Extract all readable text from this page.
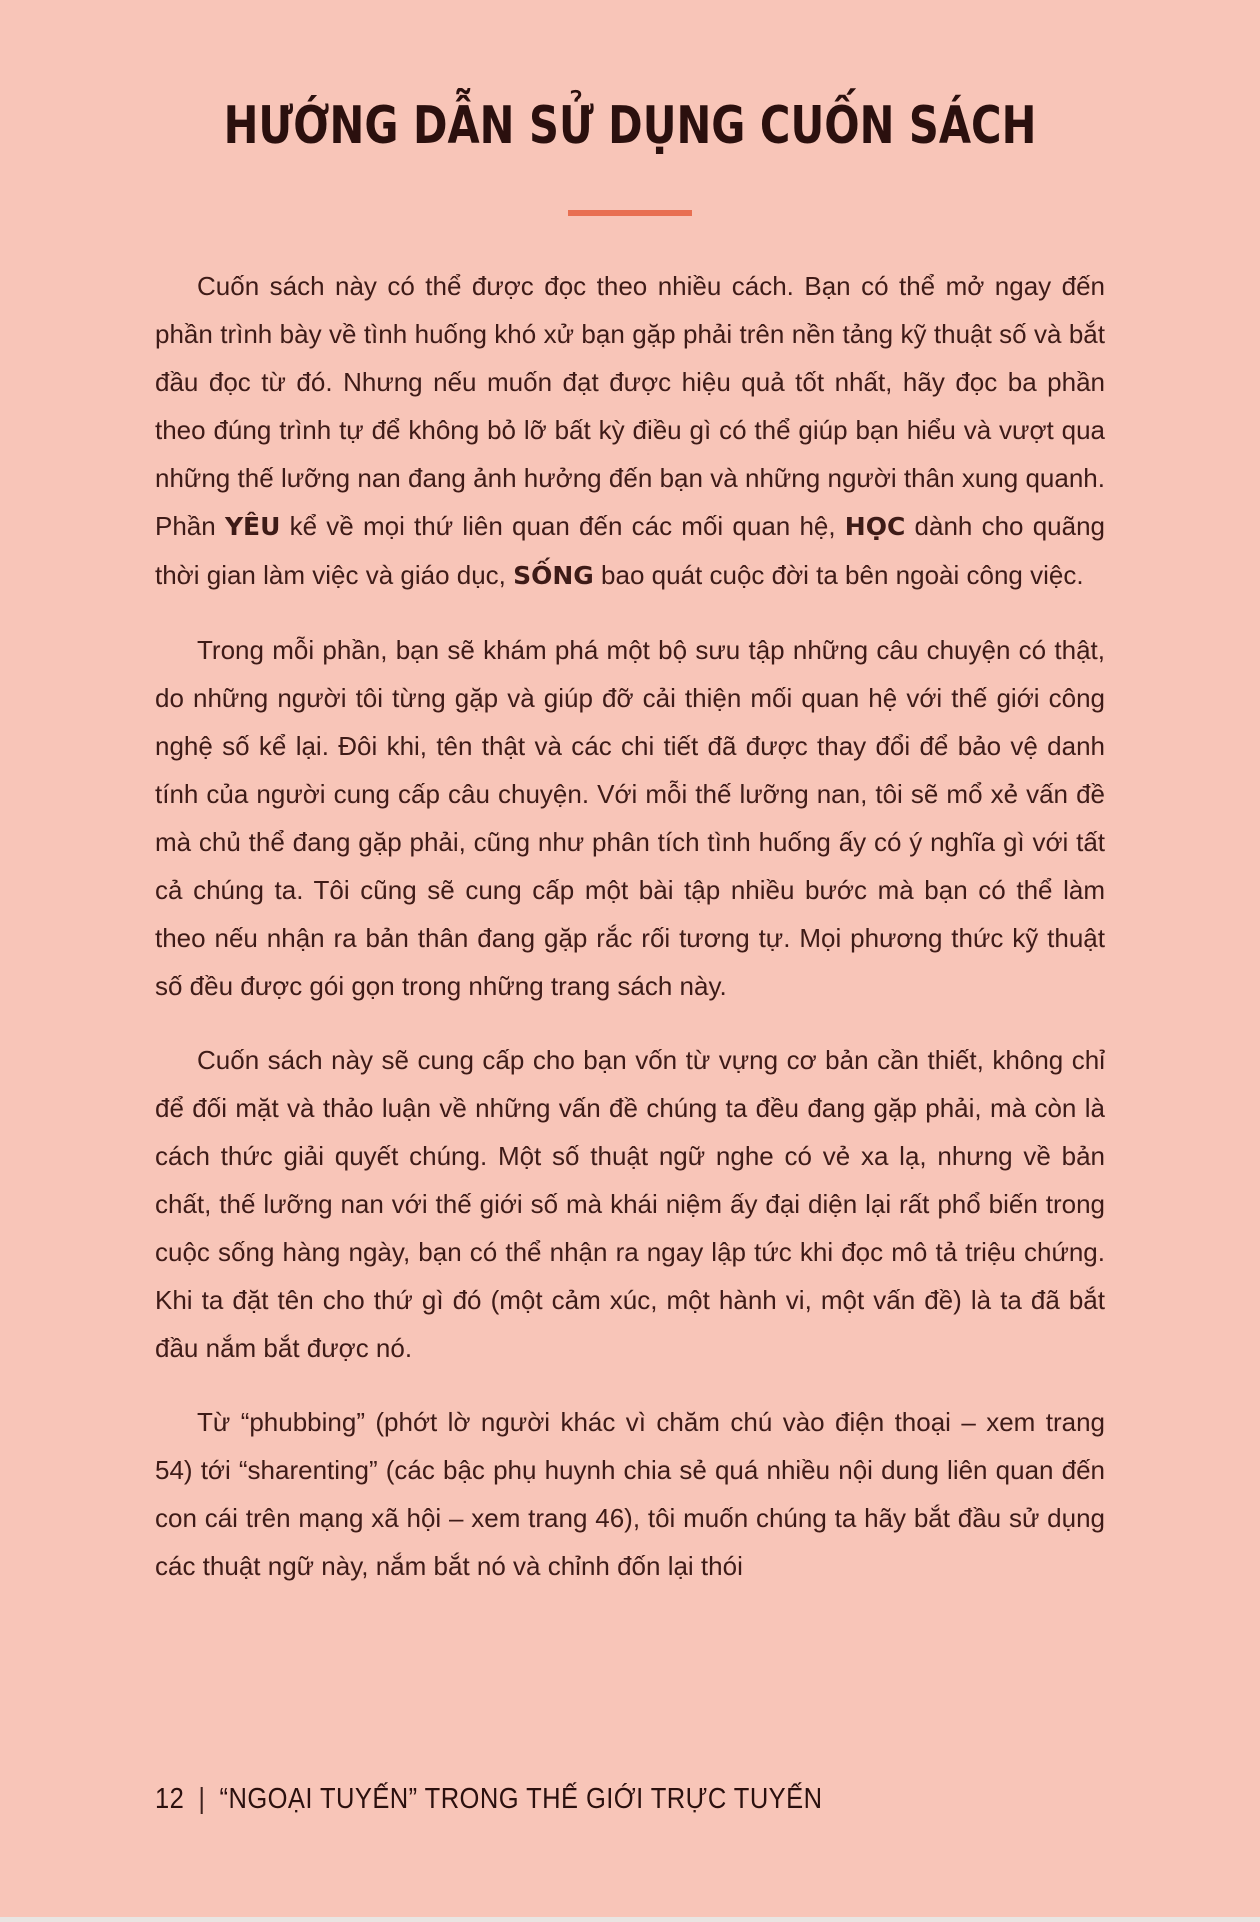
HƯỚNG DẪN SỬ DỤNG CUỐN SÁCH

Cuốn sách này có thể được đọc theo nhiều cách. Bạn có thể mở ngay đến phần trình bày về tình huống khó xử bạn gặp phải trên nền tảng kỹ thuật số và bắt đầu đọc từ đó. Nhưng nếu muốn đạt được hiệu quả tốt nhất, hãy đọc ba phần theo đúng trình tự để không bỏ lỡ bất kỳ điều gì có thể giúp bạn hiểu và vượt qua những thế lưỡng nan đang ảnh hưởng đến bạn và những người thân xung quanh. Phần YÊU kể về mọi thứ liên quan đến các mối quan hệ, HỌC dành cho quãng thời gian làm việc và giáo dục, SỐNG bao quát cuộc đời ta bên ngoài công việc.

Trong mỗi phần, bạn sẽ khám phá một bộ sưu tập những câu chuyện có thật, do những người tôi từng gặp và giúp đỡ cải thiện mối quan hệ với thế giới công nghệ số kể lại. Đôi khi, tên thật và các chi tiết đã được thay đổi để bảo vệ danh tính của người cung cấp câu chuyện. Với mỗi thế lưỡng nan, tôi sẽ mổ xẻ vấn đề mà chủ thể đang gặp phải, cũng như phân tích tình huống ấy có ý nghĩa gì với tất cả chúng ta. Tôi cũng sẽ cung cấp một bài tập nhiều bước mà bạn có thể làm theo nếu nhận ra bản thân đang gặp rắc rối tương tự. Mọi phương thức kỹ thuật số đều được gói gọn trong những trang sách này.

Cuốn sách này sẽ cung cấp cho bạn vốn từ vựng cơ bản cần thiết, không chỉ để đối mặt và thảo luận về những vấn đề chúng ta đều đang gặp phải, mà còn là cách thức giải quyết chúng. Một số thuật ngữ nghe có vẻ xa lạ, nhưng về bản chất, thế lưỡng nan với thế giới số mà khái niệm ấy đại diện lại rất phổ biến trong cuộc sống hàng ngày, bạn có thể nhận ra ngay lập tức khi đọc mô tả triệu chứng. Khi ta đặt tên cho thứ gì đó (một cảm xúc, một hành vi, một vấn đề) là ta đã bắt đầu nắm bắt được nó.

Từ “phubbing” (phớt lờ người khác vì chăm chú vào điện thoại – xem trang 54) tới “sharenting” (các bậc phụ huynh chia sẻ quá nhiều nội dung liên quan đến con cái trên mạng xã hội – xem trang 46), tôi muốn chúng ta hãy bắt đầu sử dụng các thuật ngữ này, nắm bắt nó và chỉnh đốn lại thói

12 | “NGOẠI TUYẾN” TRONG THẾ GIỚI TRỰC TUYẾN
